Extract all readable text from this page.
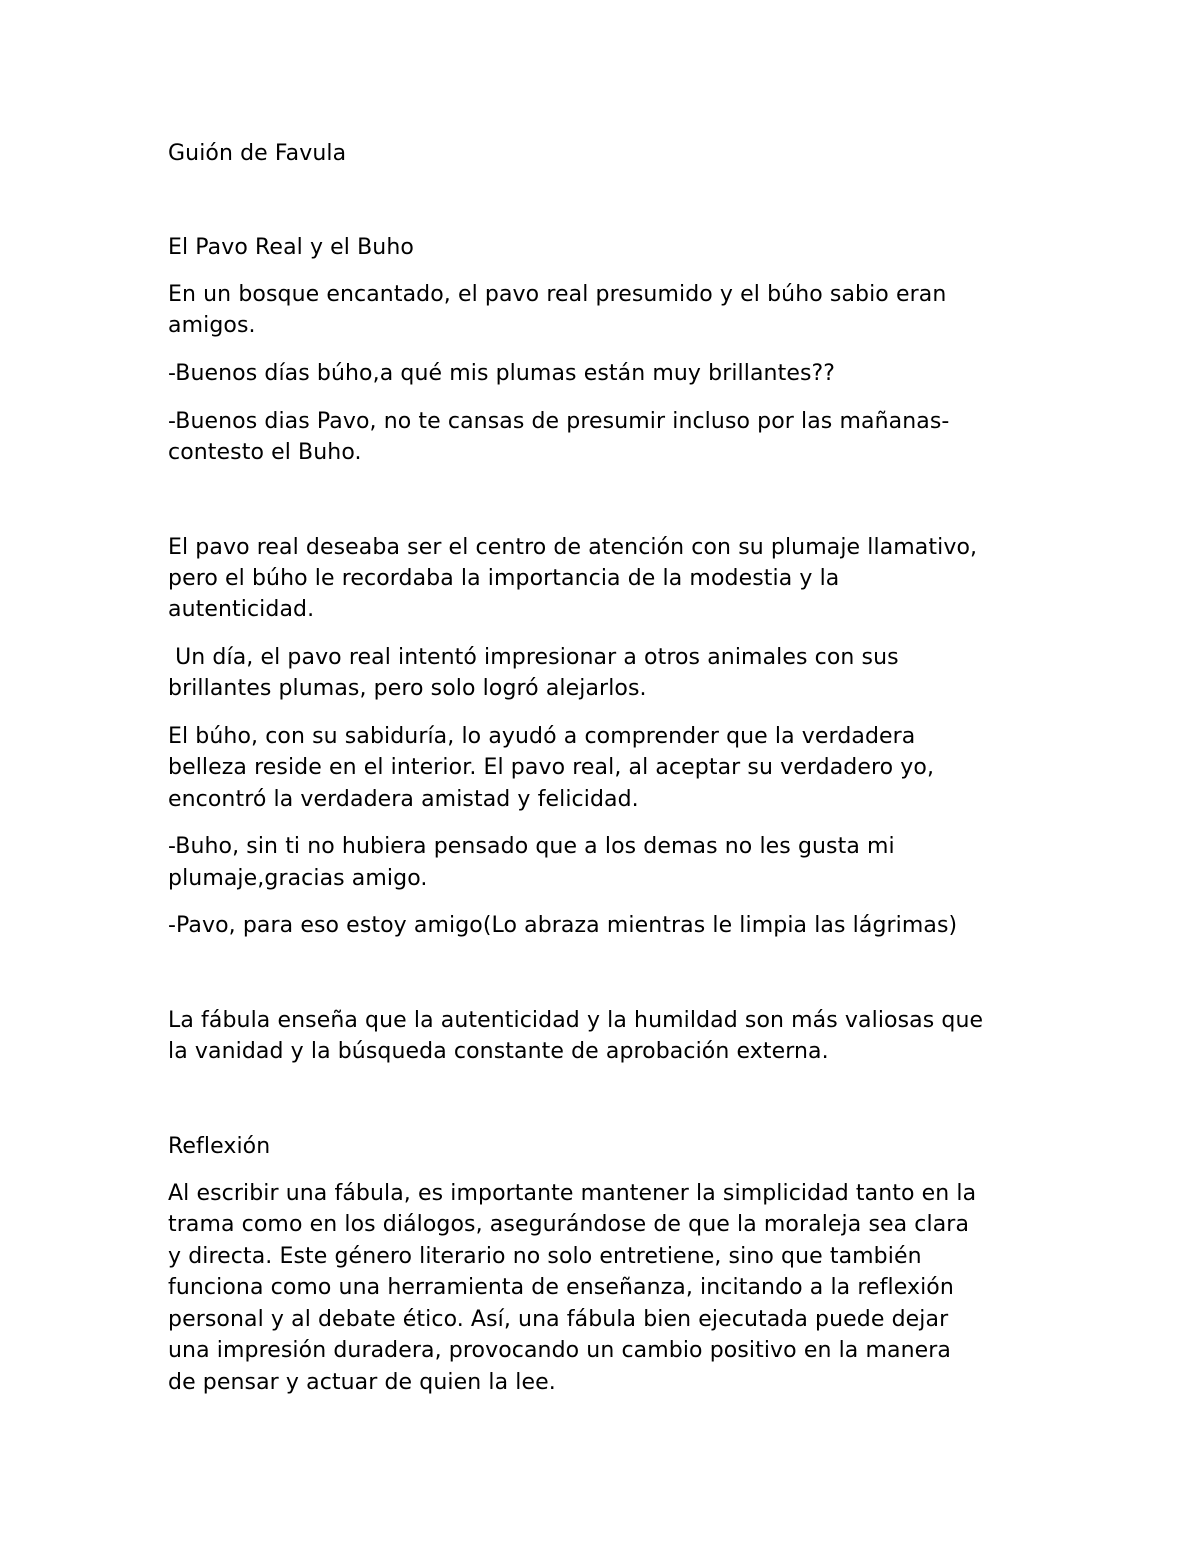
Guión de Favula

El Pavo Real y el Buho

En un bosque encantado, el pavo real presumido y el búho sabio eran

amigos.

-Buenos días búho,a qué mis plumas están muy brillantes??

-Buenos dias Pavo, no te cansas de presumir incluso por las mañanas-

contesto el Buho.

El pavo real deseaba ser el centro de atención con su plumaje llamativo,

pero el búho le recordaba la importancia de la modestia y la

autenticidad.

Un día, el pavo real intentó impresionar a otros animales con sus

brillantes plumas, pero solo logró alejarlos.

El búho, con su sabiduría, lo ayudó a comprender que la verdadera

belleza reside en el interior. El pavo real, al aceptar su verdadero yo,

encontró la verdadera amistad y felicidad.

-Buho, sin ti no hubiera pensado que a los demas no les gusta mi

plumaje,gracias amigo.

-Pavo, para eso estoy amigo(Lo abraza mientras le limpia las lágrimas)

La fábula enseña que la autenticidad y la humildad son más valiosas que

la vanidad y la búsqueda constante de aprobación externa.

Reflexión

Al escribir una fábula, es importante mantener la simplicidad tanto en la

trama como en los diálogos, asegurándose de que la moraleja sea clara

y directa. Este género literario no solo entretiene, sino que también

funciona como una herramienta de enseñanza, incitando a la reflexión

personal y al debate ético. Así, una fábula bien ejecutada puede dejar

una impresión duradera, provocando un cambio positivo en la manera

de pensar y actuar de quien la lee.
